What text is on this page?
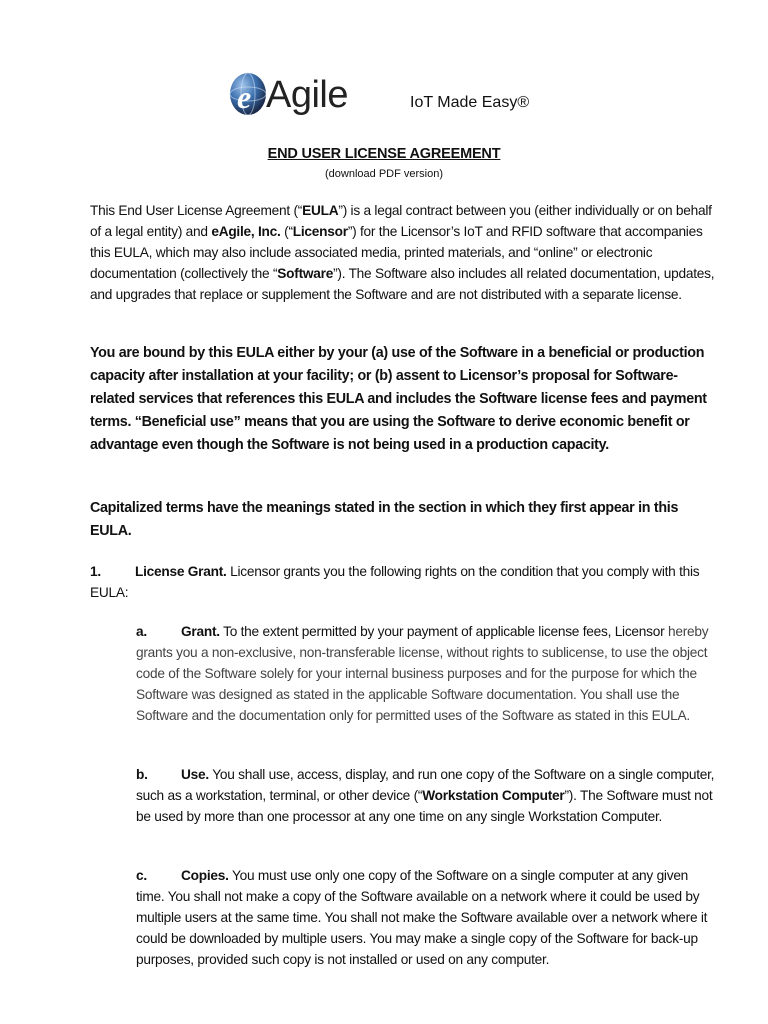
e Agile	IoT Made Easy®
END USER LICENSE AGREEMENT
(download PDF version)
This End User License Agreement (“EULA”) is a legal contract between you (either individually or on behalf of a legal entity) and eAgile, Inc. (“Licensor”) for the Licensor’s IoT and RFID software that accompanies this EULA, which may also include associated media, printed materials, and “online” or electronic documentation (collectively the “Software”). The Software also includes all related documentation, updates, and upgrades that replace or supplement the Software and are not distributed with a separate license.
You are bound by this EULA either by your (a) use of the Software in a beneficial or production capacity after installation at your facility; or (b) assent to Licensor’s proposal for Software-related services that references this EULA and includes the Software license fees and payment terms. “Beneficial use” means that you are using the Software to derive economic benefit or advantage even though the Software is not being used in a production capacity.
Capitalized terms have the meanings stated in the section in which they first appear in this EULA.
1. License Grant. Licensor grants you the following rights on the condition that you comply with this EULA:
a. Grant. To the extent permitted by your payment of applicable license fees, Licensor hereby grants you a non-exclusive, non-transferable license, without rights to sublicense, to use the object code of the Software solely for your internal business purposes and for the purpose for which the Software was designed as stated in the applicable Software documentation. You shall use the Software and the documentation only for permitted uses of the Software as stated in this EULA.
b. Use. You shall use, access, display, and run one copy of the Software on a single computer, such as a workstation, terminal, or other device (“Workstation Computer”). The Software must not be used by more than one processor at any one time on any single Workstation Computer.
c. Copies. You must use only one copy of the Software on a single computer at any given time. You shall not make a copy of the Software available on a network where it could be used by multiple users at the same time. You shall not make the Software available over a network where it could be downloaded by multiple users. You may make a single copy of the Software for back-up purposes, provided such copy is not installed or used on any computer.
